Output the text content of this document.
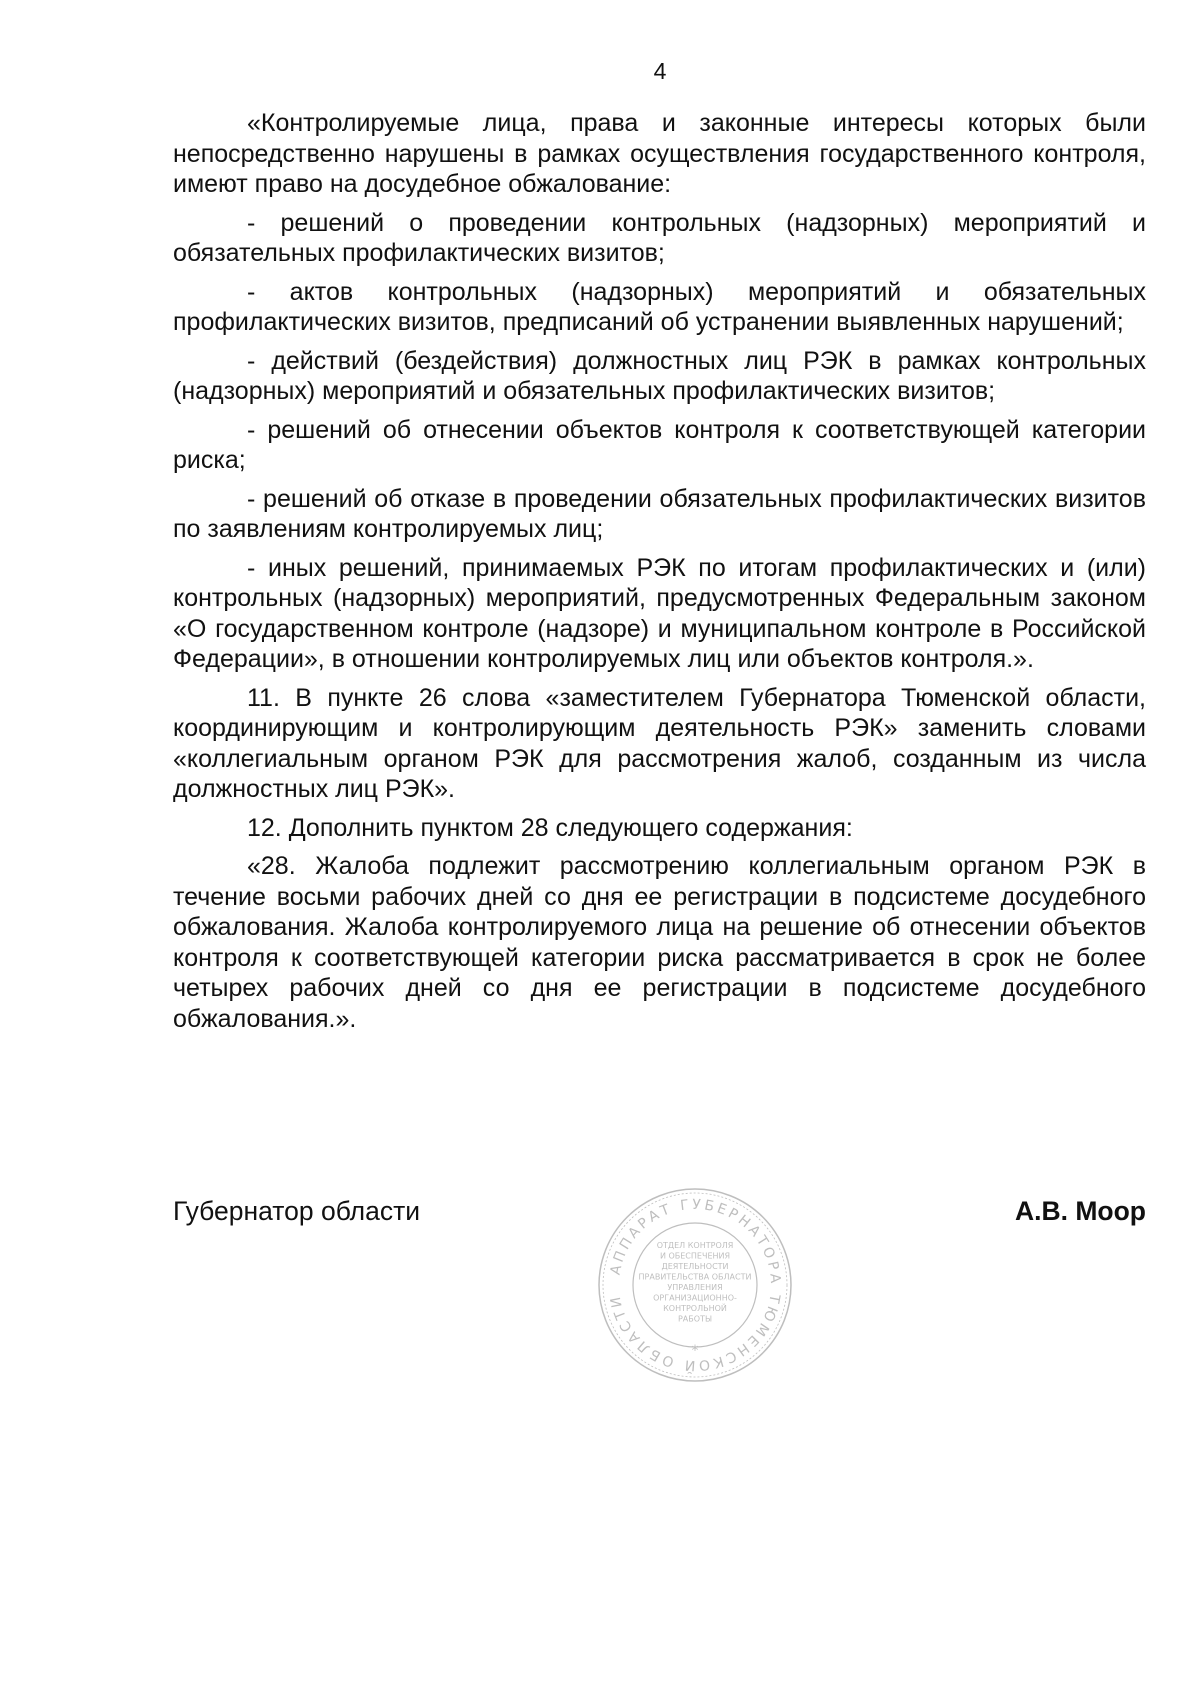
4

«Контролируемые лица, права и законные интересы которых были непосредственно нарушены в рамках осуществления государственного контроля, имеют право на досудебное обжалование:

- решений о проведении контрольных (надзорных) мероприятий и обязательных профилактических визитов;

- актов контрольных (надзорных) мероприятий и обязательных профилактических визитов, предписаний об устранении выявленных нарушений;

- действий (бездействия) должностных лиц РЭК в рамках контрольных (надзорных) мероприятий и обязательных профилактических визитов;

- решений об отнесении объектов контроля к соответствующей категории риска;

- решений об отказе в проведении обязательных профилактических визитов по заявлениям контролируемых лиц;

- иных решений, принимаемых РЭК по итогам профилактических и (или) контрольных (надзорных) мероприятий, предусмотренных Федеральным законом «О государственном контроле (надзоре) и муниципальном контроле в Российской Федерации», в отношении контролируемых лиц или объектов контроля.».

11. В пункте 26 слова «заместителем Губернатора Тюменской области, координирующим и контролирующим деятельность РЭК» заменить словами «коллегиальным органом РЭК для рассмотрения жалоб, созданным из числа должностных лиц РЭК».

12. Дополнить пунктом 28 следующего содержания:

«28. Жалоба подлежит рассмотрению коллегиальным органом РЭК в течение восьми рабочих дней со дня ее регистрации в подсистеме досудебного обжалования. Жалоба контролируемого лица на решение об отнесении объектов контроля к соответствующей категории риска рассматривается в срок не более четырех рабочих дней со дня ее регистрации в подсистеме досудебного обжалования.».

Губернатор области	А.В. Моор
АППАРАТ ГУБЕРНАТОРА ТЮМЕНСКОЙ ОБЛАСТИ
*
ОТДЕЛ КОНТРОЛЯ
И ОБЕСПЕЧЕНИЯ
ДЕЯТЕЛЬНОСТИ
ПРАВИТЕЛЬСТВА ОБЛАСТИ
УПРАВЛЕНИЯ
ОРГАНИЗАЦИОННО-
КОНТРОЛЬНОЙ
РАБОТЫ
